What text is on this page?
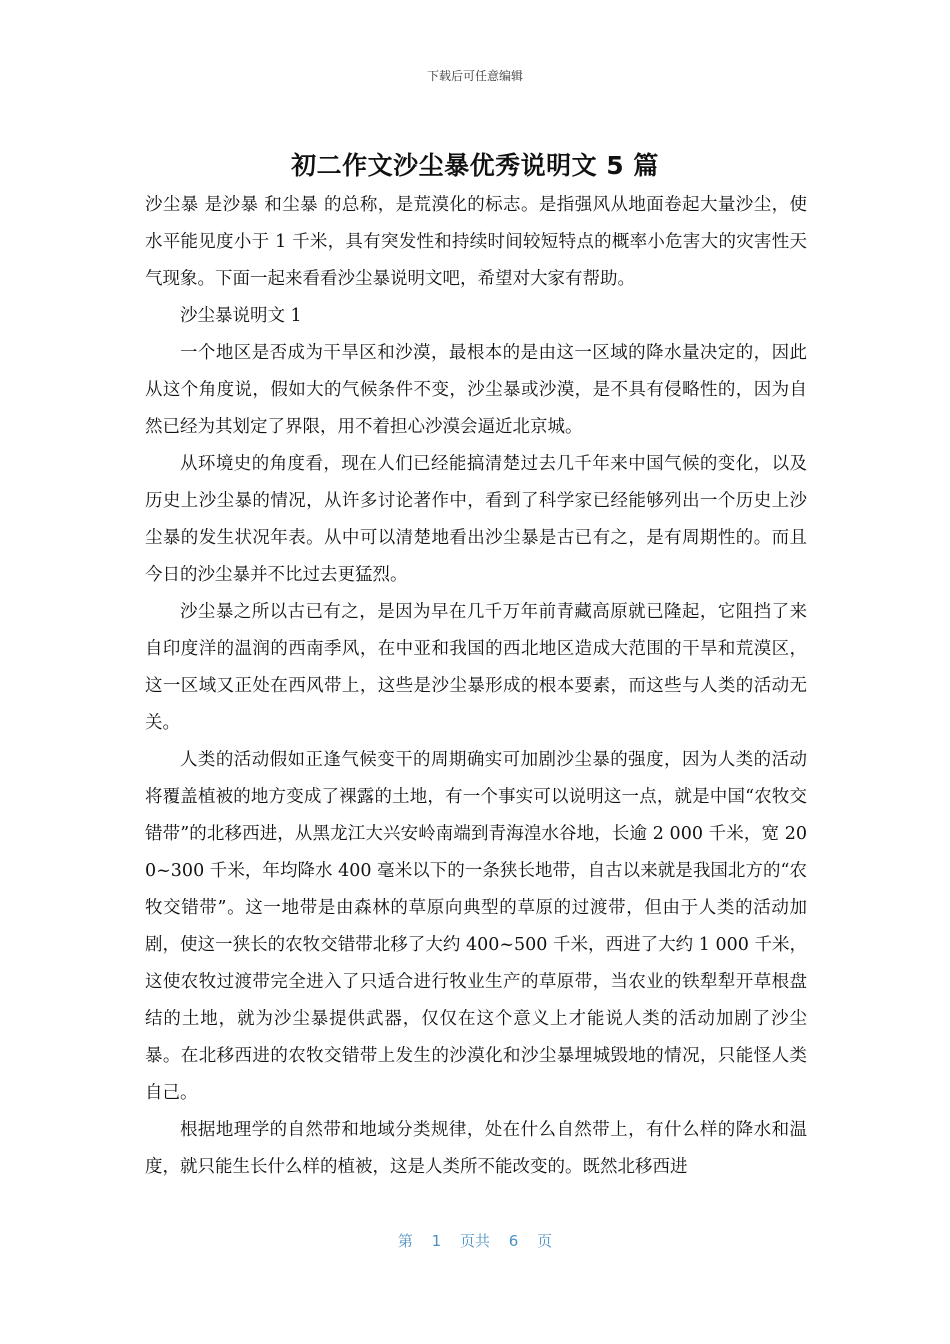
下载后可任意编辑
初二作文沙尘暴优秀说明文 5 篇

沙尘暴 是沙暴 和尘暴 的总称，是荒漠化的标志。是指强风从地面卷起大量沙尘，使水平能见度小于 1 千米，具有突发性和持续时间较短特点的概率小危害大的灾害性天气现象。下面一起来看看沙尘暴说明文吧，希望对大家有帮助。

沙尘暴说明文 1

一个地区是否成为干旱区和沙漠，最根本的是由这一区域的降水量决定的，因此从这个角度说，假如大的气候条件不变，沙尘暴或沙漠，是不具有侵略性的，因为自然已经为其划定了界限，用不着担心沙漠会逼近北京城。

从环境史的角度看，现在人们已经能搞清楚过去几千年来中国气候的变化，以及历史上沙尘暴的情况，从许多讨论著作中，看到了科学家已经能够列出一个历史上沙尘暴的发生状况年表。从中可以清楚地看出沙尘暴是古已有之，是有周期性的。而且今日的沙尘暴并不比过去更猛烈。

沙尘暴之所以古已有之，是因为早在几千万年前青藏高原就已隆起，它阻挡了来自印度洋的温润的西南季风，在中亚和我国的西北地区造成大范围的干旱和荒漠区，这一区域又正处在西风带上，这些是沙尘暴形成的根本要素，而这些与人类的活动无关。

人类的活动假如正逢气候变干的周期确实可加剧沙尘暴的强度，因为人类的活动将覆盖植被的地方变成了裸露的土地，有一个事实可以说明这一点，就是中国“农牧交错带”的北移西进，从黑龙江大兴安岭南端到青海湟水谷地，长逾 2 000 千米，宽 200~300 千米，年均降水 400 毫米以下的一条狭长地带，自古以来就是我国北方的“农牧交错带”。这一地带是由森林的草原向典型的草原的过渡带，但由于人类的活动加剧，使这一狭长的农牧交错带北移了大约 400~500 千米，西进了大约 1 000 千米，这使农牧过渡带完全进入了只适合进行牧业生产的草原带，当农业的铁犁犁开草根盘结的土地，就为沙尘暴提供武器，仅仅在这个意义上才能说人类的活动加剧了沙尘暴。在北移西进的农牧交错带上发生的沙漠化和沙尘暴埋城毁地的情况，只能怪人类自己。

根据地理学的自然带和地域分类规律，处在什么自然带上，有什么样的降水和温度，就只能生长什么样的植被，这是人类所不能改变的。既然北移西进

第 1 页共 6 页
